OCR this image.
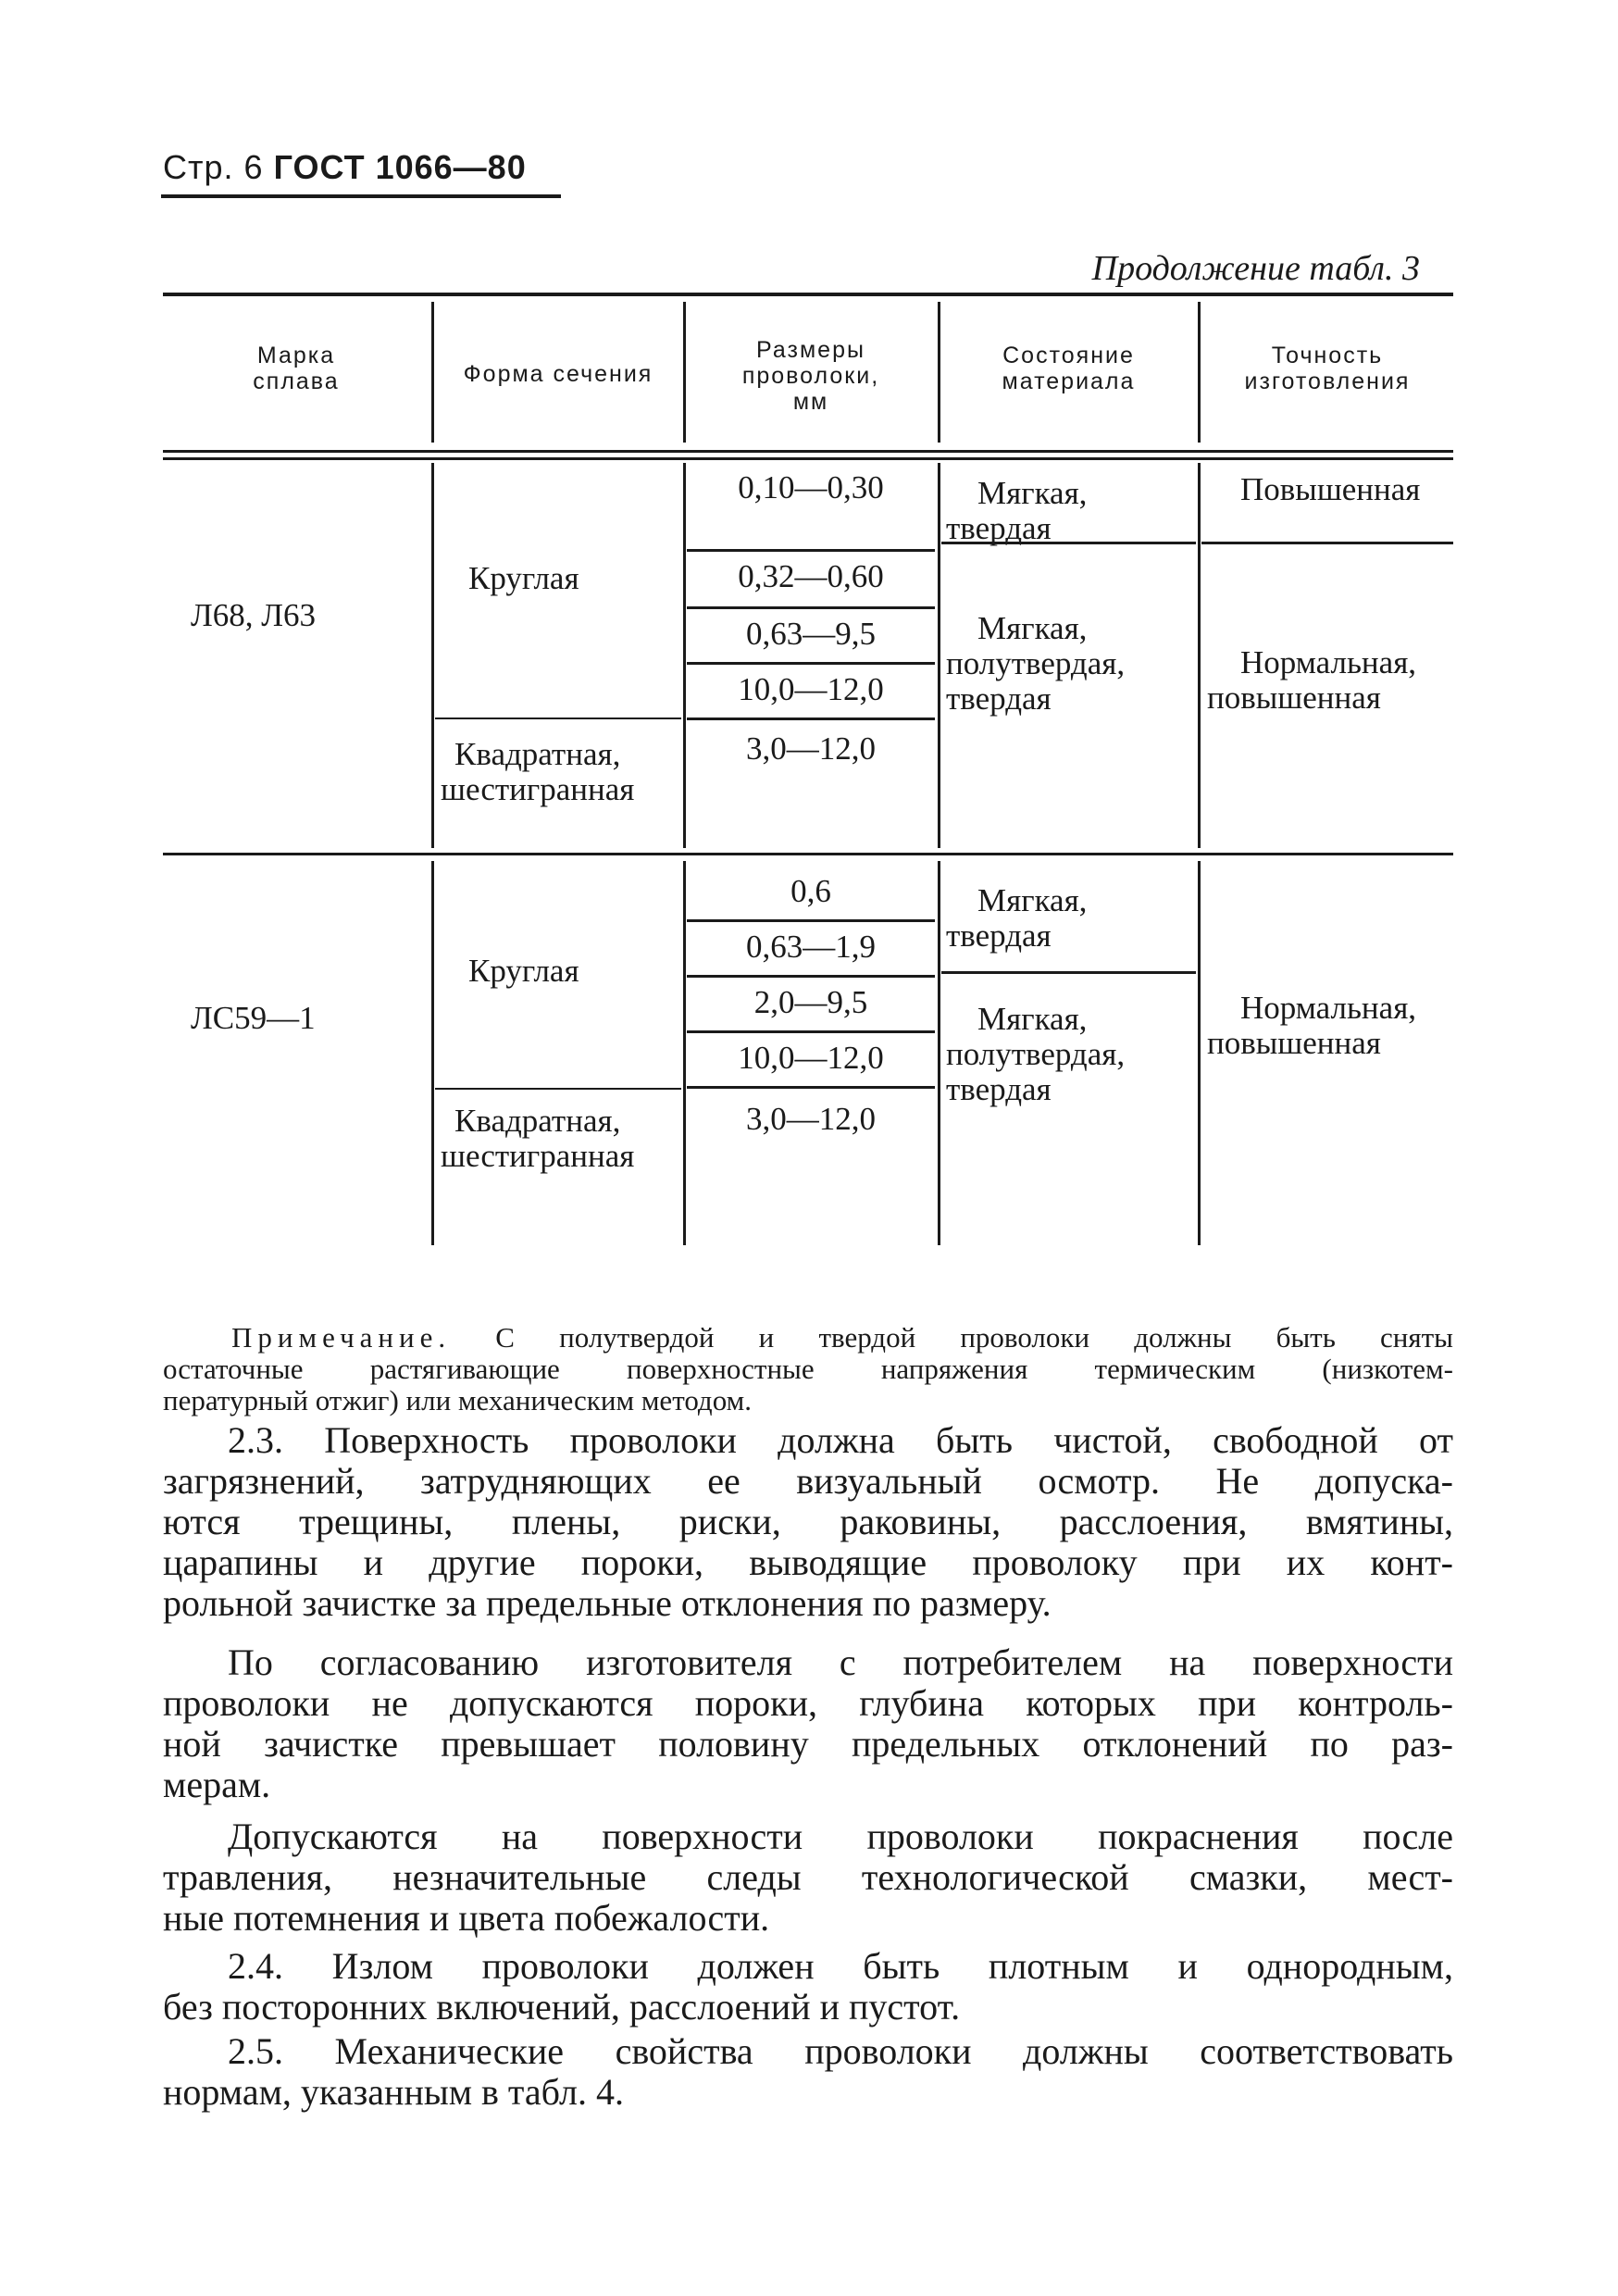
Стр. 6 ГОСТ 1066—80
Продолжение табл. 3
Марка
сплава	Форма сечения
Размеры
проволоки,
мм
Состояние
материала
Точность
изготовления
Л68, Л63
Круглая
Квадратная,
шестигранная
0,10—0,30
0,32—0,60
0,63—9,5
10,0—12,0
3,0—12,0
Мягкая,
твердая
Мягкая,
полутвердая,
твердая
Повышенная
Нормальная,
повышенная
ЛС59—1
Круглая
Квадратная,
шестигранная
0,6
0,63—1,9
2,0—9,5
10,0—12,0
3,0—12,0
Мягкая,
твердая
Мягкая,
полутвердая,
твердая
Нормальная,
повышенная
Примечание. С полутвердой и твердой проволоки должны быть сняты
остаточные растягивающие поверхностные напряжения термическим (низкотем-
пературный отжиг) или механическим методом.
2.3. Поверхность проволоки должна быть чистой, свободной от
загрязнений, затрудняющих ее визуальный осмотр. Не допуска-
ются трещины, плены, риски, раковины, расслоения, вмятины,
царапины и другие пороки, выводящие проволоку при их конт-
рольной зачистке за предельные отклонения по размеру.
По согласованию изготовителя с потребителем на поверхности
проволоки не допускаются пороки, глубина которых при контроль-
ной зачистке превышает половину предельных отклонений по раз-
мерам.
Допускаются на поверхности проволоки покраснения после
травления, незначительные следы технологической смазки, мест-
ные потемнения и цвета побежалости.
2.4. Излом проволоки должен быть плотным и однородным,
без посторонних включений, расслоений и пустот.
2.5. Механические свойства проволоки должны соответствовать
нормам, указанным в табл. 4.
